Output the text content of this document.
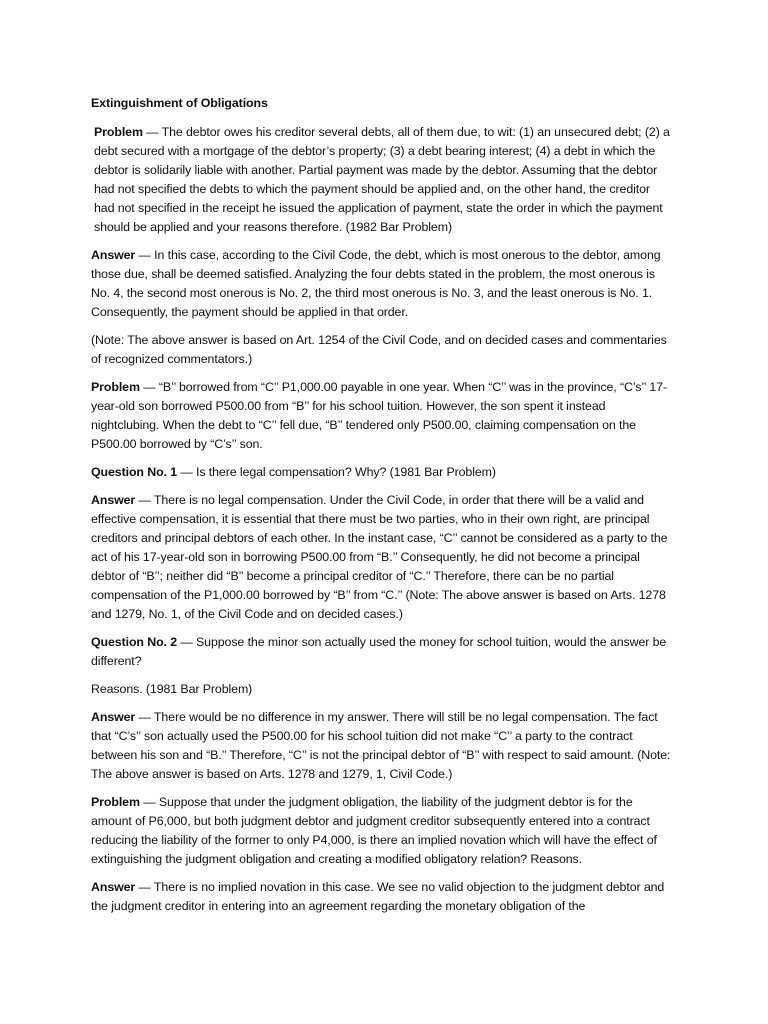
Extinguishment of Obligations

Problem — The debtor owes his creditor several debts, all of them due, to wit: (1) an unsecured debt; (2) a debt secured with a mortgage of the debtor’s property; (3) a debt bearing interest; (4) a debt in which the debtor is solidarily liable with another. Partial payment was made by the debtor. Assuming that the debtor had not specified the debts to which the payment should be applied and, on the other hand, the creditor had not specified in the receipt he issued the application of payment, state the order in which the payment should be applied and your reasons therefore. (1982 Bar Problem)

Answer — In this case, according to the Civil Code, the debt, which is most onerous to the debtor, among those due, shall be deemed satisfied. Analyzing the four debts stated in the problem, the most onerous is No. 4, the second most onerous is No. 2, the third most onerous is No. 3, and the least onerous is No. 1. Consequently, the payment should be applied in that order.

(Note: The above answer is based on Art. 1254 of the Civil Code, and on decided cases and commentaries of recognized commentators.)

Problem — “B’’ borrowed from “C’’ P1,000.00 payable in one year. When “C’’ was in the province, “C’s’’ 17-year-old son borrowed P500.00 from “B’’ for his school tuition. However, the son spent it instead nightclubing. When the debt to “C’’ fell due, “B’’ tendered only P500.00, claiming compensation on the P500.00 borrowed by “C’s’’ son.

Question No. 1 — Is there legal compensation? Why? (1981 Bar Problem)

Answer — There is no legal compensation. Under the Civil Code, in order that there will be a valid and effective compensation, it is essential that there must be two parties, who in their own right, are principal creditors and principal debtors of each other. In the instant case, “C’’ cannot be considered as a party to the act of his 17-year-old son in borrowing P500.00 from “B.’’ Consequently, he did not become a principal debtor of “B’’; neither did “B’’ become a principal creditor of “C.’’ Therefore, there can be no partial compensation of the P1,000.00 borrowed by “B’’ from “C.’’ (Note: The above answer is based on Arts. 1278 and 1279, No. 1, of the Civil Code and on decided cases.)

Question No. 2 — Suppose the minor son actually used the money for school tuition, would the answer be different?

Reasons. (1981 Bar Problem)

Answer — There would be no difference in my answer. There will still be no legal compensation. The fact that “C’s’’ son actually used the P500.00 for his school tuition did not make “C’’ a party to the contract between his son and “B.’’ Therefore, “C’’ is not the principal debtor of “B’’ with respect to said amount. (Note: The above answer is based on Arts. 1278 and 1279, 1, Civil Code.)

Problem — Suppose that under the judgment obligation, the liability of the judgment debtor is for the amount of P6,000, but both judgment debtor and judgment creditor subsequently entered into a contract reducing the liability of the former to only P4,000, is there an implied novation which will have the effect of extinguishing the judgment obligation and creating a modified obligatory relation? Reasons.

Answer — There is no implied novation in this case. We see no valid objection to the judgment debtor and the judgment creditor in entering into an agreement regarding the monetary obligation of the
